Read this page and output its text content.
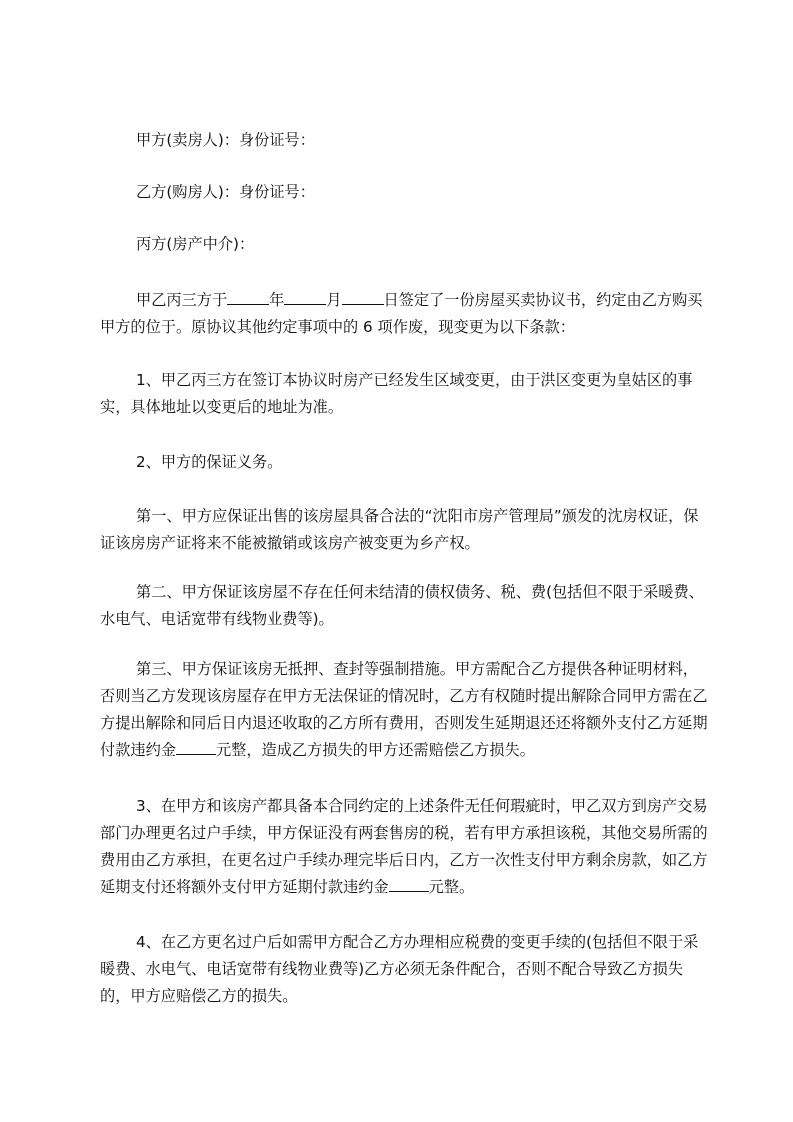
甲方(卖房人)：身份证号：

乙方(购房人)：身份证号：

丙方(房产中介)：

甲乙丙三方于	年	月	日签定了一份房屋买卖协议书，约定由乙方购买甲方的位于。原协议其他约定事项中的 6 项作废，现变更为以下条款：

1、甲乙丙三方在签订本协议时房产已经发生区域变更，由于洪区变更为皇姑区的事实，具体地址以变更后的地址为准。

2、甲方的保证义务。

第一、甲方应保证出售的该房屋具备合法的“沈阳市房产管理局”颁发的沈房权证，保证该房房产证将来不能被撤销或该房产被变更为乡产权。

第二、甲方保证该房屋不存在任何未结清的债权债务、税、费(包括但不限于采暖费、水电气、电话宽带有线物业费等)。

第三、甲方保证该房无抵押、查封等强制措施。甲方需配合乙方提供各种证明材料，否则当乙方发现该房屋存在甲方无法保证的情况时，乙方有权随时提出解除合同甲方需在乙方提出解除和同后日内退还收取的乙方所有费用，否则发生延期退还还将额外支付乙方延期付款违约金	元整，造成乙方损失的甲方还需赔偿乙方损失。

3、在甲方和该房产都具备本合同约定的上述条件无任何瑕疵时，甲乙双方到房产交易部门办理更名过户手续，甲方保证没有两套售房的税，若有甲方承担该税，其他交易所需的费用由乙方承担，在更名过户手续办理完毕后日内，乙方一次性支付甲方剩余房款，如乙方延期支付还将额外支付甲方延期付款违约金	元整。

4、在乙方更名过户后如需甲方配合乙方办理相应税费的变更手续的(包括但不限于采暖费、水电气、电话宽带有线物业费等)乙方必须无条件配合，否则不配合导致乙方损失的，甲方应赔偿乙方的损失。
